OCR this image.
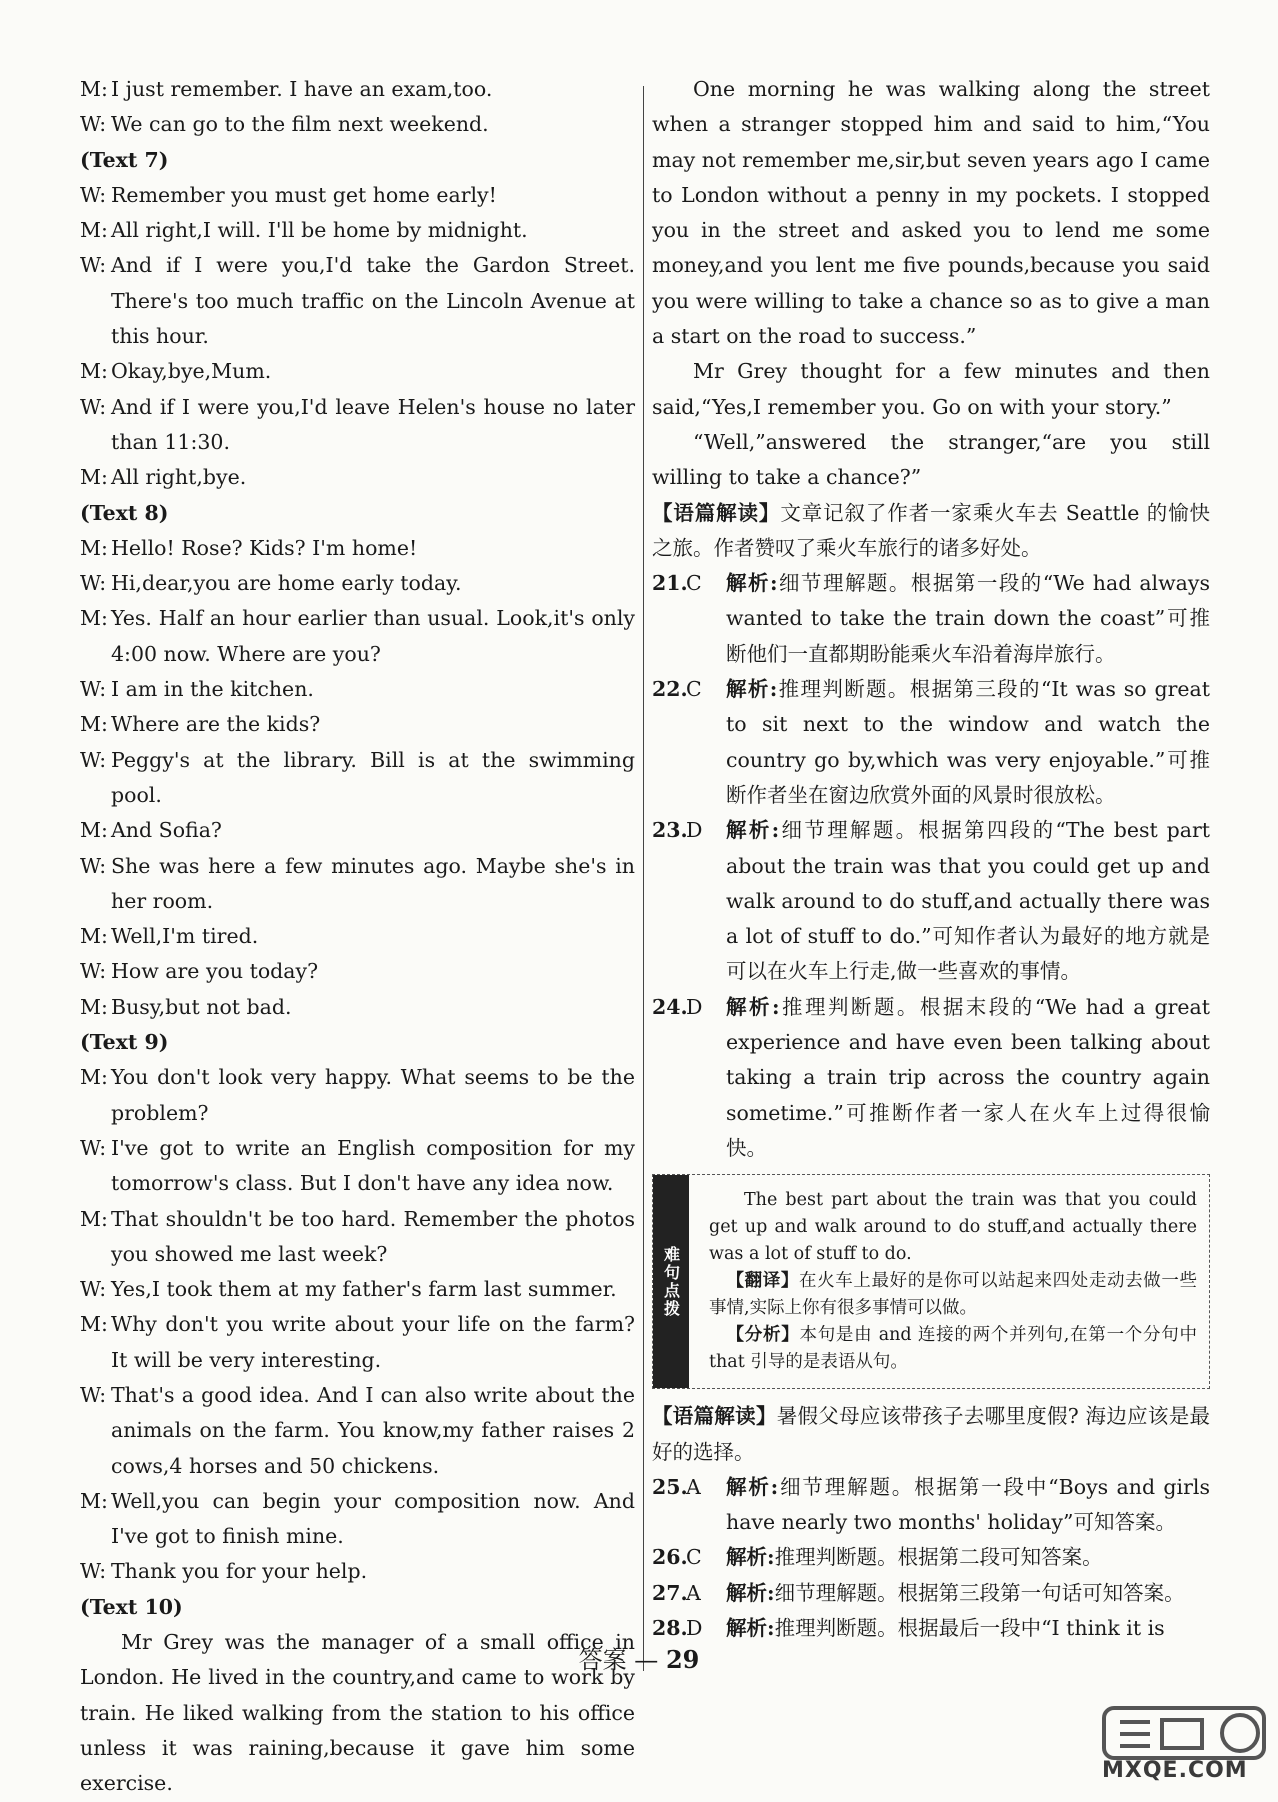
M: I just remember. I have an exam,too.
W: We can go to the film next weekend.
(Text 7)
W: Remember you must get home early!
M: All right,I will. I'll be home by midnight.
W: And if I were you,I'd take the Gardon Street. There's too much traffic on the Lincoln Avenue at this hour.
M: Okay,bye,Mum.
W: And if I were you,I'd leave Helen's house no later than 11:30.
M: All right,bye.
(Text 8)
M: Hello! Rose? Kids? I'm home!
W: Hi,dear,you are home early today.
M: Yes. Half an hour earlier than usual. Look,it's only 4:00 now. Where are you?
W: I am in the kitchen.
M: Where are the kids?
W: Peggy's at the library. Bill is at the swimming pool.
M: And Sofia?
W: She was here a few minutes ago. Maybe she's in her room.
M: Well,I'm tired.
W: How are you today?
M: Busy,but not bad.
(Text 9)
M: You don't look very happy. What seems to be the problem?
W: I've got to write an English composition for my tomorrow's class. But I don't have any idea now.
M: That shouldn't be too hard. Remember the photos you showed me last week?
W: Yes,I took them at my father's farm last summer.
M: Why don't you write about your life on the farm? It will be very interesting.
W: That's a good idea. And I can also write about the animals on the farm. You know,my father raises 2 cows,4 horses and 50 chickens.
M: Well,you can begin your composition now. And I've got to finish mine.
W: Thank you for your help.
(Text 10)

Mr Grey was the manager of a small office in London. He lived in the country,and came to work by train. He liked walking from the station to his office unless it was raining,because it gave him some exercise.

One morning he was walking along the street when a stranger stopped him and said to him,“You may not remember me,sir,but seven years ago I came to London without a penny in my pockets. I stopped you in the street and asked you to lend me some money,and you lent me five pounds,because you said you were willing to take a chance so as to give a man a start on the road to success.”

Mr Grey thought for a few minutes and then said,“Yes,I remember you. Go on with your story.”

“Well,”answered the stranger,“are you still willing to take a chance?”

【语篇解读】文章记叙了作者一家乘火车去 Seattle 的愉快之旅。作者赞叹了乘火车旅行的诸多好处。
21.C	解析:细节理解题。根据第一段的“We had always wanted to take the train down the coast”可推断他们一直都期盼能乘火车沿着海岸旅行。
22.C	解析:推理判断题。根据第三段的“It was so great to sit next to the window and watch the country go by,which was very enjoyable.”可推断作者坐在窗边欣赏外面的风景时很放松。
23.D	解析:细节理解题。根据第四段的“The best part about the train was that you could get up and walk around to do stuff,and actually there was a lot of stuff to do.”可知作者认为最好的地方就是可以在火车上行走,做一些喜欢的事情。
24.D	解析:推理判断题。根据末段的“We had a great experience and have even been talking about taking a train trip across the country again sometime.”可推断作者一家人在火车上过得很愉快。
难句点拨

The best part about the train was that you could get up and walk around to do stuff,and actually there was a lot of stuff to do.

【翻译】在火车上最好的是你可以站起来四处走动去做一些事情,实际上你有很多事情可以做。

【分析】本句是由 and 连接的两个并列句,在第一个分句中 that 引导的是表语从句。

【语篇解读】暑假父母应该带孩子去哪里度假? 海边应该是最好的选择。
25.A	解析:细节理解题。根据第一段中“Boys and girls have nearly two months' holiday”可知答案。
26.C	解析:推理判断题。根据第二段可知答案。
27.A	解析:细节理解题。根据第三段第一句话可知答案。
28.D	解析:推理判断题。根据最后一段中“I think it is
答案 — 29
MXQE.COM
